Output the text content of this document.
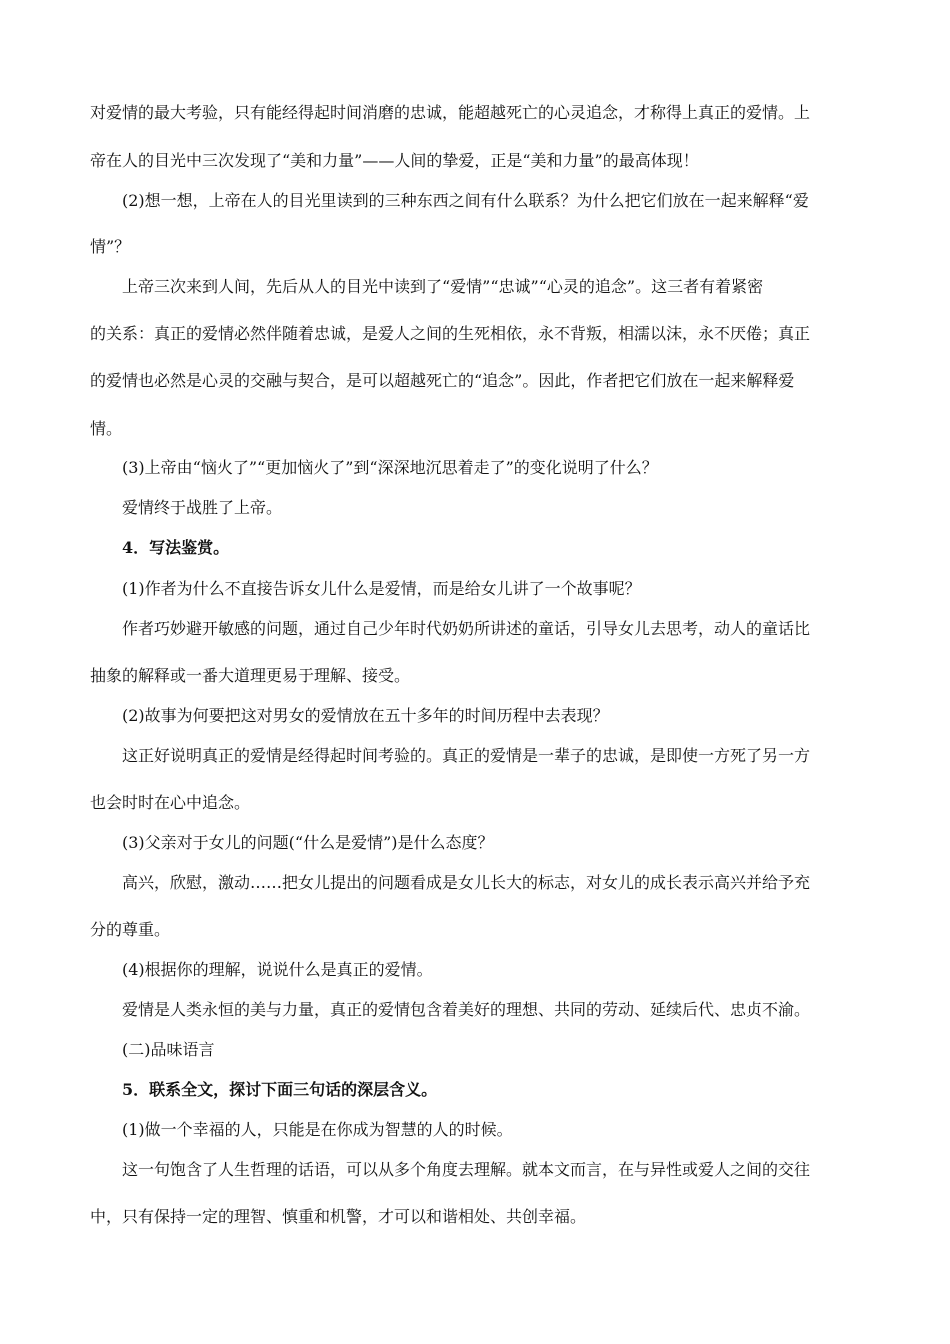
对爱情的最大考验，只有能经得起时间消磨的忠诚，能超越死亡的心灵追念，才称得上真正的爱情。上
帝在人的目光中三次发现了“美和力量”——人间的挚爱，正是“美和力量”的最高体现！
(2)想一想，上帝在人的目光里读到的三种东西之间有什么联系？为什么把它们放在一起来解释“爱
情”？
上帝三次来到人间，先后从人的目光中读到了“爱情”“忠诚”“心灵的追念”。这三者有着紧密
的关系：真正的爱情必然伴随着忠诚，是爱人之间的生死相依，永不背叛，相濡以沫，永不厌倦；真正
的爱情也必然是心灵的交融与契合，是可以超越死亡的“追念”。因此，作者把它们放在一起来解释爱
情。
(3)上帝由“恼火了”“更加恼火了”到“深深地沉思着走了”的变化说明了什么？
爱情终于战胜了上帝。
4．写法鉴赏。
(1)作者为什么不直接告诉女儿什么是爱情，而是给女儿讲了一个故事呢？
作者巧妙避开敏感的问题，通过自己少年时代奶奶所讲述的童话，引导女儿去思考，动人的童话比
抽象的解释或一番大道理更易于理解、接受。
(2)故事为何要把这对男女的爱情放在五十多年的时间历程中去表现？
这正好说明真正的爱情是经得起时间考验的。真正的爱情是一辈子的忠诚，是即使一方死了另一方
也会时时在心中追念。
(3)父亲对于女儿的问题(“什么是爱情”)是什么态度？
高兴，欣慰，激动……把女儿提出的问题看成是女儿长大的标志，对女儿的成长表示高兴并给予充
分的尊重。
(4)根据你的理解，说说什么是真正的爱情。
爱情是人类永恒的美与力量，真正的爱情包含着美好的理想、共同的劳动、延续后代、忠贞不渝。
(二)品味语言
5．联系全文，探讨下面三句话的深层含义。
(1)做一个幸福的人，只能是在你成为智慧的人的时候。
这一句饱含了人生哲理的话语，可以从多个角度去理解。就本文而言，在与异性或爱人之间的交往
中，只有保持一定的理智、慎重和机警，才可以和谐相处、共创幸福。
